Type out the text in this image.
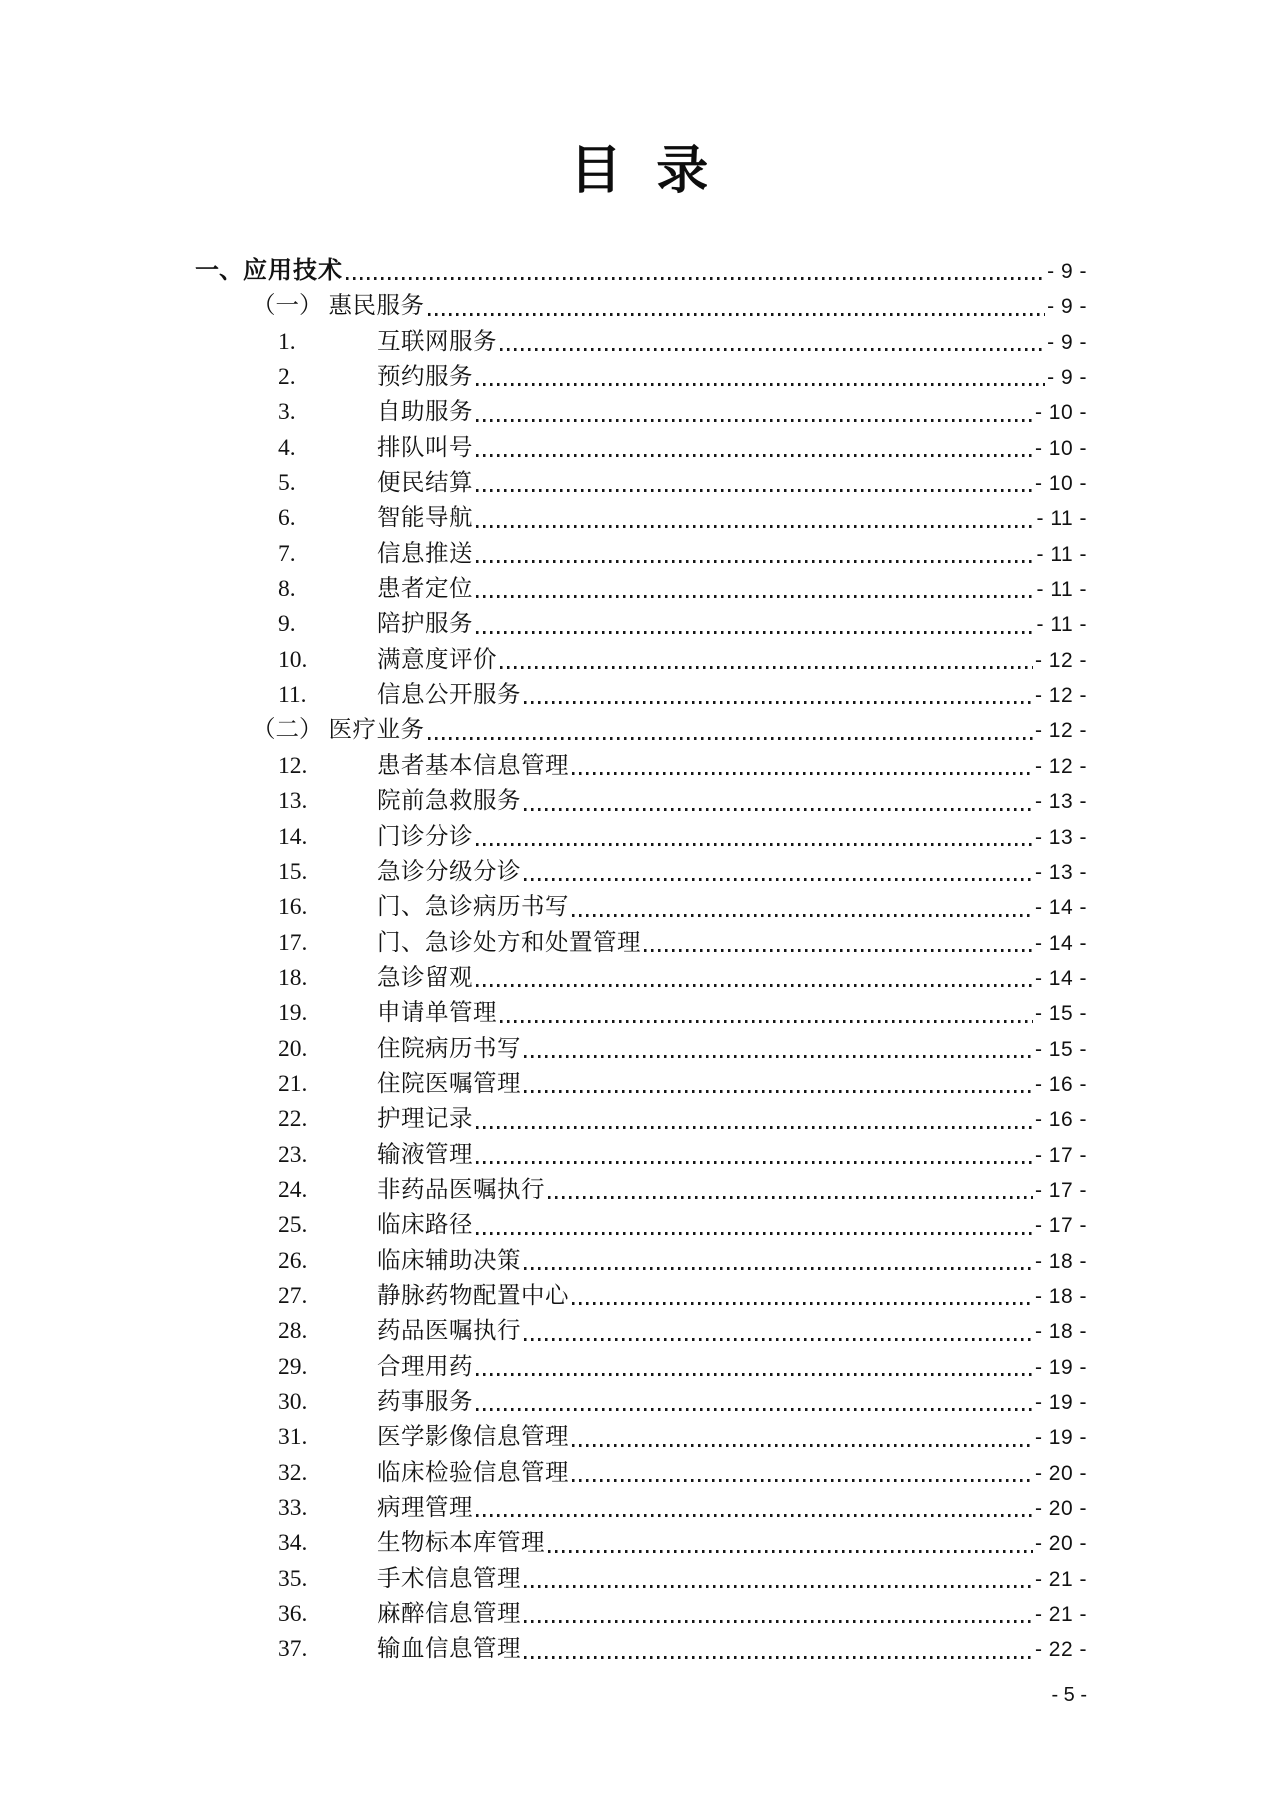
目 录
一、 应用技术	- 9 -
（一） 惠民服务	- 9 -
1.	互联网服务	- 9 -
2.	预约服务	- 9 -
3.	自助服务	- 10 -
4.	排队叫号	- 10 -
5.	便民结算	- 10 -
6.	智能导航	- 11 -
7.	信息推送	- 11 -
8.	患者定位	- 11 -
9.	陪护服务	- 11 -
10.	满意度评价	- 12 -
11.	信息公开服务	- 12 -
（二） 医疗业务	- 12 -
12.	患者基本信息管理	- 12 -
13.	院前急救服务	- 13 -
14.	门诊分诊	- 13 -
15.	急诊分级分诊	- 13 -
16.	门、急诊病历书写	- 14 -
17.	门、急诊处方和处置管理	- 14 -
18.	急诊留观	- 14 -
19.	申请单管理	- 15 -
20.	住院病历书写	- 15 -
21.	住院医嘱管理	- 16 -
22.	护理记录	- 16 -
23.	输液管理	- 17 -
24.	非药品医嘱执行	- 17 -
25.	临床路径	- 17 -
26.	临床辅助决策	- 18 -
27.	静脉药物配置中心	- 18 -
28.	药品医嘱执行	- 18 -
29.	合理用药	- 19 -
30.	药事服务	- 19 -
31.	医学影像信息管理	- 19 -
32.	临床检验信息管理	- 20 -
33.	病理管理	- 20 -
34.	生物标本库管理	- 20 -
35.	手术信息管理	- 21 -
36.	麻醉信息管理	- 21 -
37.	输血信息管理	- 22 -
- 5 -
